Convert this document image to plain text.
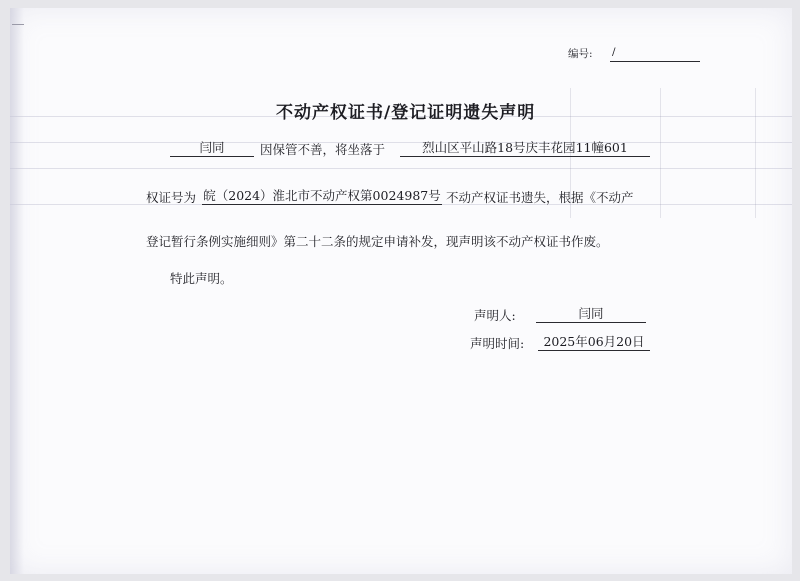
编号: /
不动产权证书/登记证明遗失声明
闫同	因保管不善，将坐落于	烈山区平山路18号庆丰花园11幢601
权证号为 皖（2024）淮北市不动产权第0024987号 不动产权证书遗失，根据《不动产
登记暂行条例实施细则》第二十二条的规定申请补发，现声明该不动产权证书作废。
特此声明。
声明人:	闫同
声明时间:	2025年06月20日
